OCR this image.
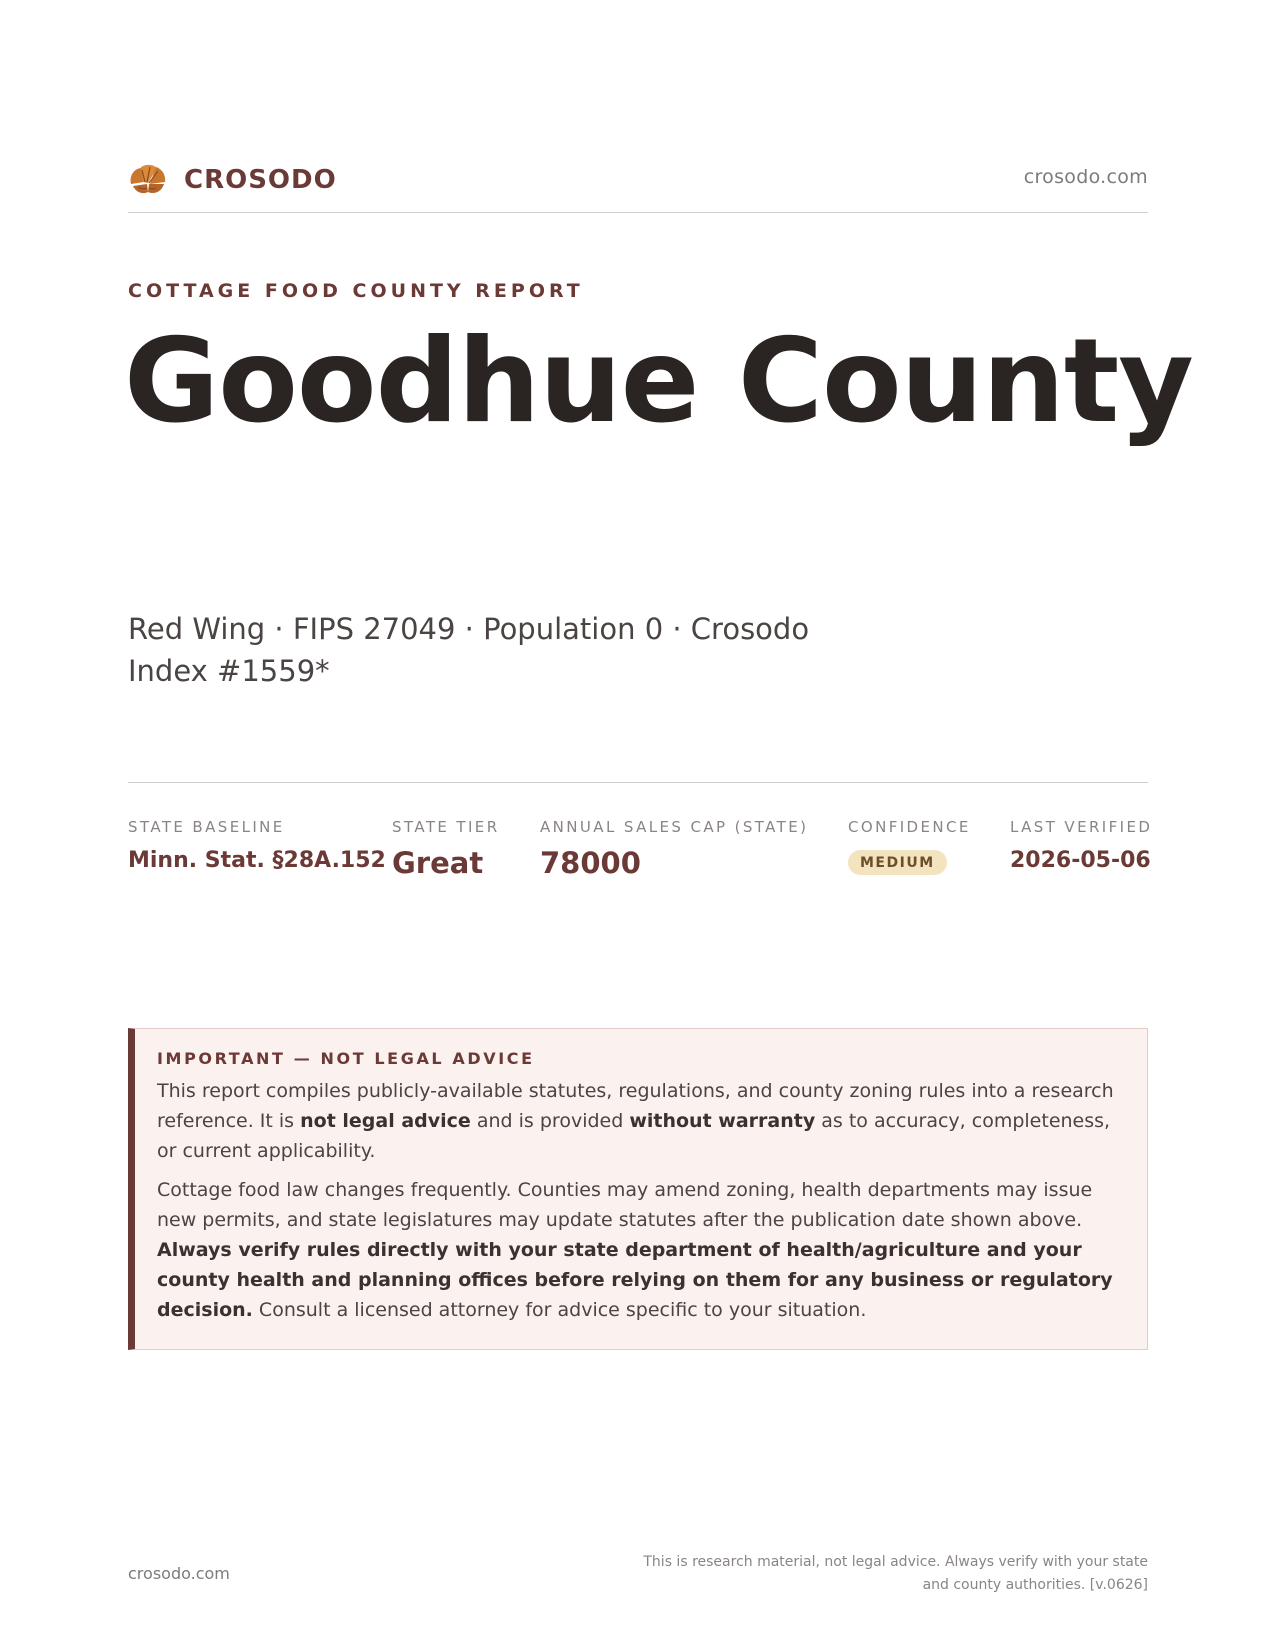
CROSODO	crosodo.com
COTTAGE FOOD COUNTY REPORT
Goodhue County
Red Wing · FIPS 27049 · Population 0 · Crosodo Index #1559*
STATE BASELINE
Minn. Stat. §28A.152
STATE TIER
Great
ANNUAL SALES CAP (STATE)
78000
CONFIDENCE
MEDIUM
LAST VERIFIED
2026-05-06
IMPORTANT — NOT LEGAL ADVICE

This report compiles publicly-available statutes, regulations, and county zoning rules into a research reference. It is not legal advice and is provided without warranty as to accuracy, completeness, or current applicability.

Cottage food law changes frequently. Counties may amend zoning, health departments may issue new permits, and state legislatures may update statutes after the publication date shown above. Always verify rules directly with your state department of health/agriculture and your county health and planning offices before relying on them for any business or regulatory decision. Consult a licensed attorney for advice specific to your situation.

crosodo.com
This is research material, not legal advice. Always verify with your state
and county authorities. [v.0626]
